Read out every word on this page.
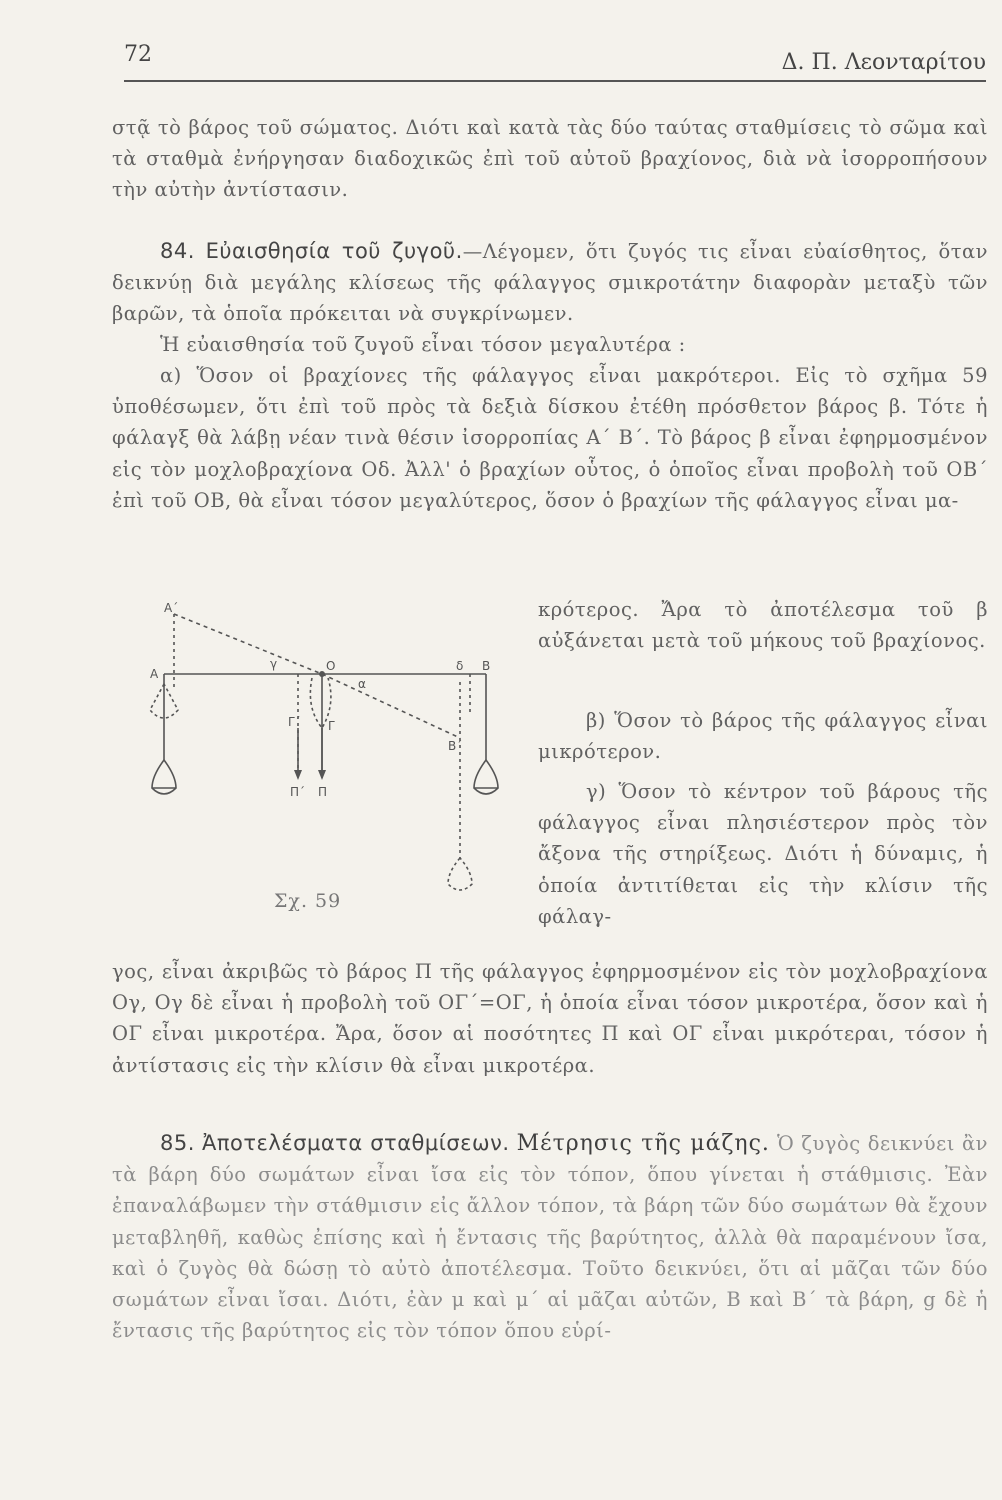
72	Δ. Π. Λεονταρίτου

στᾷ τὸ βάρος τοῦ σώματος. Διότι καὶ κατὰ τὰς δύο ταύτας σταθμίσεις τὸ σῶμα καὶ τὰ σταθμὰ ἐνήργησαν διαδοχικῶς ἐπὶ τοῦ αὐτοῦ βραχίονος, διὰ νὰ ἰσορροπήσουν τὴν αὐτὴν ἀντίστασιν.

84. Εὐαισθησία τοῦ ζυγοῦ.—Λέγομεν, ὅτι ζυγός τις εἶναι εὐαίσθητος, ὅταν δεικνύῃ διὰ μεγάλης κλίσεως τῆς φάλαγγος σμικροτάτην διαφορὰν μεταξὺ τῶν βαρῶν, τὰ ὁποῖα πρόκειται νὰ συγκρίνωμεν.

Ἡ εὐαισθησία τοῦ ζυγοῦ εἶναι τόσον μεγαλυτέρα :

α) Ὅσον οἱ βραχίονες τῆς φάλαγγος εἶναι μακρότεροι. Εἰς τὸ σχῆμα 59 ὑποθέσωμεν, ὅτι ἐπὶ τοῦ πρὸς τὰ δεξιὰ δίσκου ἐτέθη πρόσθετον βάρος β. Τότε ἡ φάλαγξ θὰ λάβῃ νέαν τινὰ θέσιν ἰσορροπίας Α΄ Β΄. Τὸ βάρος β εἶναι ἐφηρμοσμένον εἰς τὸν μοχλοβραχίονα Οδ. Ἀλλ' ὁ βραχίων οὗτος, ὁ ὁποῖος εἶναι προβολὴ τοῦ ΟΒ΄ ἐπὶ τοῦ ΟΒ, θὰ εἶναι τόσον μεγαλύτερος, ὅσον ὁ βραχίων τῆς φάλαγγος εἶναι μα-

Α΄
Α
Ο
γ	δ Β
α
Γ΄ Γ
Β΄
Π΄ Π
Σχ. 59

κρότερος. Ἄρα τὸ ἀποτέλεσμα τοῦ β αὐξάνεται μετὰ τοῦ μήκους τοῦ βραχίονος.

β) Ὅσον τὸ βάρος τῆς φάλαγγος εἶναι μικρότερον.

γ) Ὅσον τὸ κέντρον τοῦ βάρους τῆς φάλαγγος εἶναι πλησιέστερον πρὸς τὸν ἄξονα τῆς στηρίξεως. Διότι ἡ δύναμις, ἡ ὁποία ἀντιτίθεται εἰς τὴν κλίσιν τῆς φάλαγ-

γος, εἶναι ἀκριβῶς τὸ βάρος Π τῆς φάλαγγος ἐφηρμοσμένον εἰς τὸν μοχλοβραχίονα Ογ, Ογ δὲ εἶναι ἡ προβολὴ τοῦ ΟΓ΄=ΟΓ, ἡ ὁποία εἶναι τόσον μικροτέρα, ὅσον καὶ ἡ ΟΓ εἶναι μικροτέρα. Ἄρα, ὅσον αἱ ποσότητες Π καὶ ΟΓ εἶναι μικρότεραι, τόσον ἡ ἀντίστασις εἰς τὴν κλίσιν θὰ εἶναι μικροτέρα.

85. Ἀποτελέσματα σταθμίσεων. Μέτρησις τῆς μάζης. Ὁ ζυγὸς δεικνύει ἂν τὰ βάρη δύο σωμάτων εἶναι ἴσα εἰς τὸν τόπον, ὅπου γίνεται ἡ στάθμισις. Ἐὰν ἐπαναλάβωμεν τὴν στάθμισιν εἰς ἄλλον τόπον, τὰ βάρη τῶν δύο σωμάτων θὰ ἔχουν μεταβληθῆ, καθὼς ἐπίσης καὶ ἡ ἔντασις τῆς βαρύτητος, ἀλλὰ θὰ παραμένουν ἴσα, καὶ ὁ ζυγὸς θὰ δώσῃ τὸ αὐτὸ ἀποτέλεσμα. Τοῦτο δεικνύει, ὅτι αἱ μᾶζαι τῶν δύο σωμάτων εἶναι ἴσαι. Διότι, ἐὰν μ καὶ μ΄ αἱ μᾶζαι αὐτῶν, Β καὶ Β΄ τὰ βάρη, g δὲ ἡ ἔντασις τῆς βαρύτητος εἰς τὸν τόπον ὅπου εὑρί-
